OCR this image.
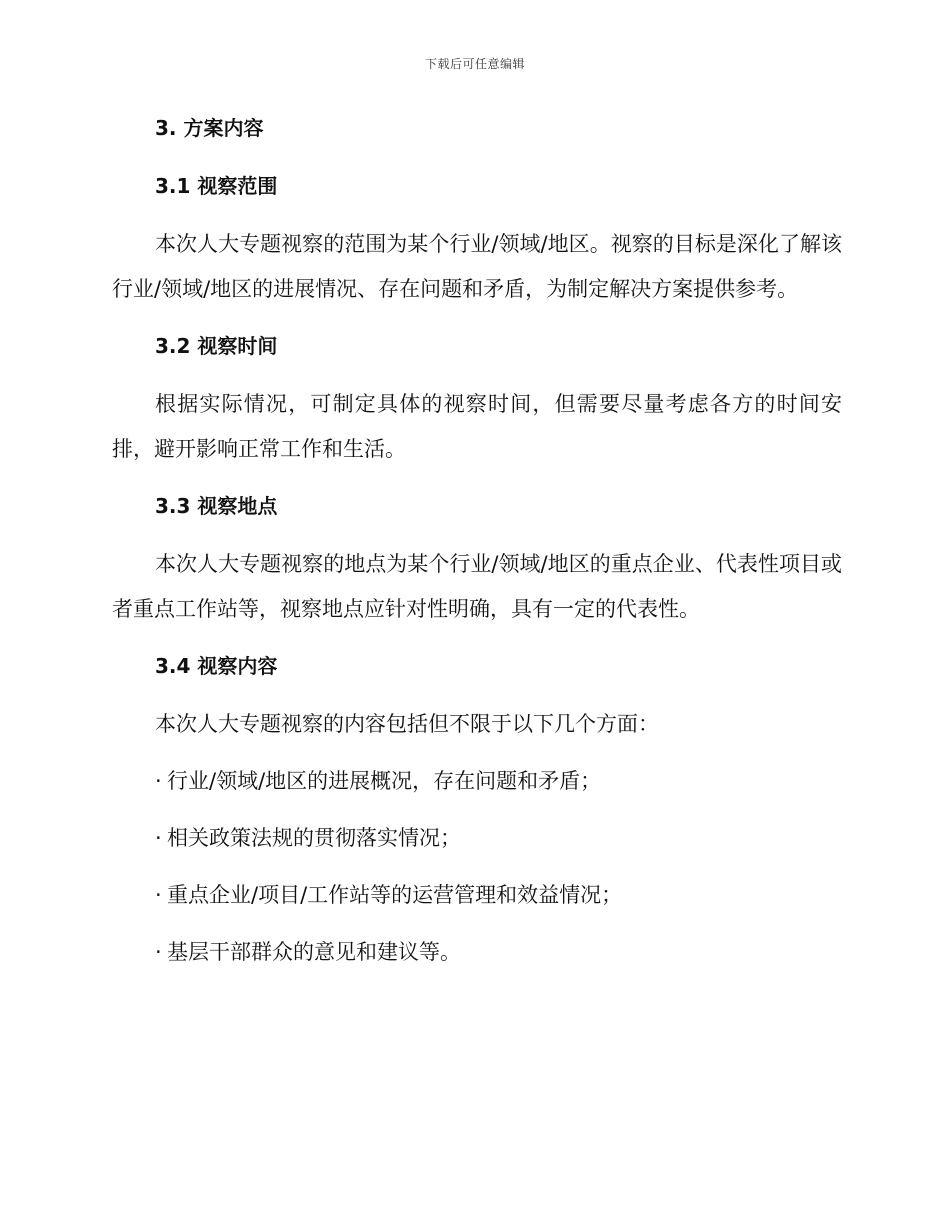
下载后可任意编辑
3. 方案内容
3.1 视察范围

本次人大专题视察的范围为某个行业/领域/地区。视察的目标是深化了解该行业/领域/地区的进展情况、存在问题和矛盾，为制定解决方案提供参考。

3.2 视察时间

根据实际情况，可制定具体的视察时间，但需要尽量考虑各方的时间安排，避开影响正常工作和生活。

3.3 视察地点

本次人大专题视察的地点为某个行业/领域/地区的重点企业、代表性项目或者重点工作站等，视察地点应针对性明确，具有一定的代表性。

3.4 视察内容

本次人大专题视察的内容包括但不限于以下几个方面：

· 行业/领域/地区的进展概况，存在问题和矛盾；
· 相关政策法规的贯彻落实情况；
· 重点企业/项目/工作站等的运营管理和效益情况；
· 基层干部群众的意见和建议等。
